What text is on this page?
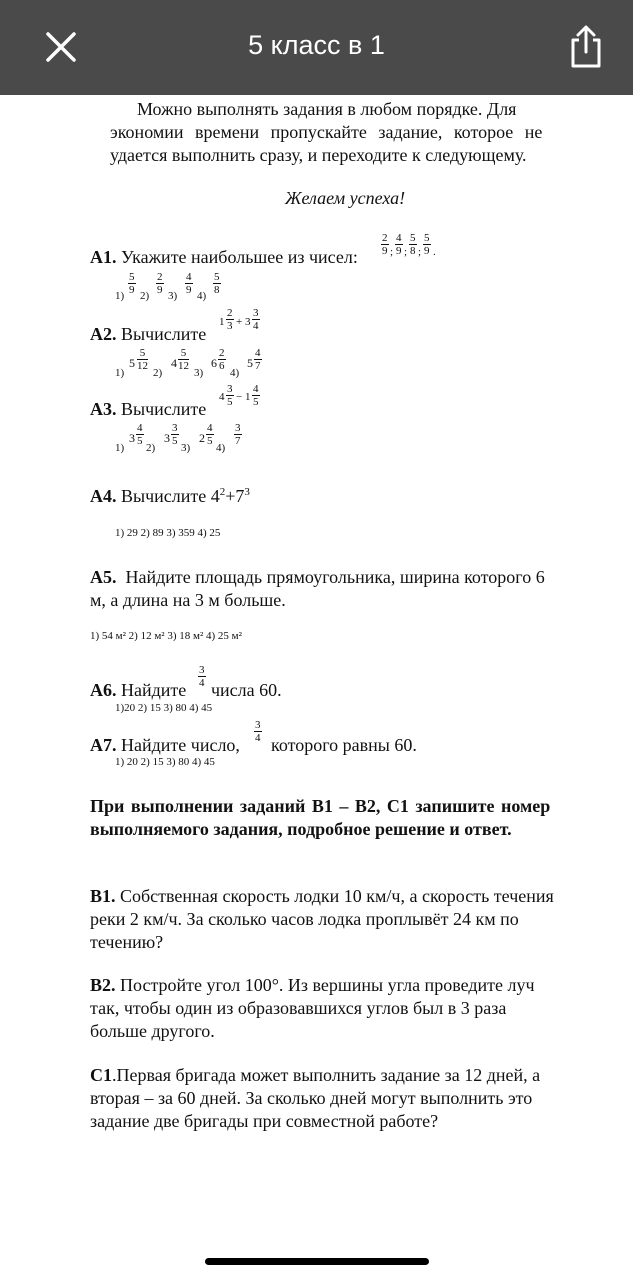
5 класс в 1
Можно выполнять задания в любом порядке. Для
экономии времени пропускайте задание, которое не
удается выполнить сразу, и переходите к следующему.
Желаем успеха!
А1. Укажите наибольшее из чисел: $\frac{2}{9}$ ; $\frac{4}{9}$ ; $\frac{5}{8}$ ; $\frac{5}{9}$ .
$1) \frac{5}{9} 2) \frac{2}{9} 3) \frac{4}{9} 4) \frac{5}{8}$
А2. Вычислите
$1 \frac{2}{3} + 3 \frac{3}{4}$
1)
$5 \frac{5}{12}$
2)
$4 \frac{5}{12}$
3)
$6 \frac{2}{6}$
4)
$5 \frac{4}{7}$
А3. Вычислите
$4 \frac{3}{5} - 1 \frac{4}{5}$
1)
$3 \frac{4}{5}$
2)
$3 \frac{3}{5}$
3)
$2 \frac{4}{5}$
4)
$\frac{3}{7}$
А4. Вычислите $4^2+7^3$
1) 29 2) 89 3) 359 4) 25
А5. Найдите площадь прямоугольника, ширина которого 6
м, а длина на 3 м больше.
1) 54 м² 2) 12 м² 3) 18 м² 4) 25 м²
А6. Найдите
$\frac{3}{4}$
числа 60.
1)20 2) 15 3) 80 4) 45
А7. Найдите число,
$\frac{3}{4}$
которого равны 60.
1) 20 2) 15 3) 80 4) 45
При выполнении заданий В1 – В2, С1 запишите номер
выполняемого задания, подробное решение и ответ.
В1. Собственная скорость лодки 10 км/ч, а скорость течения
реки 2 км/ч. За сколько часов лодка проплывёт 24 км по
течению?
В2. Постройте угол 100°. Из вершины угла проведите луч
так, чтобы один из образовавшихся углов был в 3 раза
больше другого.
С1.Первая бригада может выполнить задание за 12 дней, а
вторая – за 60 дней. За сколько дней могут выполнить это
задание две бригады при совместной работе?
